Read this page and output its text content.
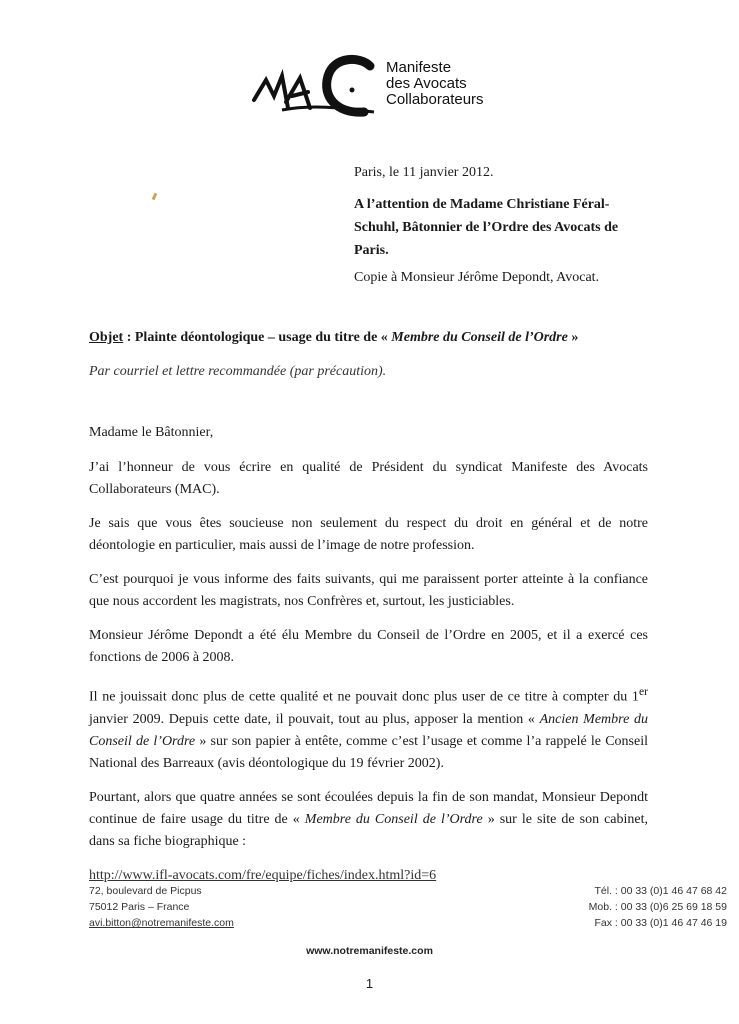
Manifeste
des Avocats
Collaborateurs
Paris, le 11 janvier 2012.
A l’attention de Madame Christiane Féral-Schuhl, Bâtonnier de l’Ordre des Avocats de Paris.
Copie à Monsieur Jérôme Depondt, Avocat.
Objet : Plainte déontologique – usage du titre de « Membre du Conseil de l’Ordre »
Par courriel et lettre recommandée (par précaution).
Madame le Bâtonnier,

J’ai l’honneur de vous écrire en qualité de Président du syndicat Manifeste des Avocats Collaborateurs (MAC).

Je sais que vous êtes soucieuse non seulement du respect du droit en général et de notre déontologie en particulier, mais aussi de l’image de notre profession.

C’est pourquoi je vous informe des faits suivants, qui me paraissent porter atteinte à la confiance que nous accordent les magistrats, nos Confrères et, surtout, les justiciables.

Monsieur Jérôme Depondt a été élu Membre du Conseil de l’Ordre en 2005, et il a exercé ces fonctions de 2006 à 2008.

Il ne jouissait donc plus de cette qualité et ne pouvait donc plus user de ce titre à compter du 1er janvier 2009. Depuis cette date, il pouvait, tout au plus, apposer la mention « Ancien Membre du Conseil de l’Ordre » sur son papier à entête, comme c’est l’usage et comme l’a rappelé le Conseil National des Barreaux (avis déontologique du 19 février 2002).

Pourtant, alors que quatre années se sont écoulées depuis la fin de son mandat, Monsieur Depondt continue de faire usage du titre de « Membre du Conseil de l’Ordre » sur le site de son cabinet, dans sa fiche biographique :

http://www.ifl-avocats.com/fre/equipe/fiches/index.html?id=6

72, boulevard de Picpus
75012 Paris – France
avi.bitton@notremanifeste.com
Tél. : 00 33 (0)1 46 47 68 42
Mob. : 00 33 (0)6 25 69 18 59
Fax : 00 33 (0)1 46 47 46 19
www.notremanifeste.com
1
